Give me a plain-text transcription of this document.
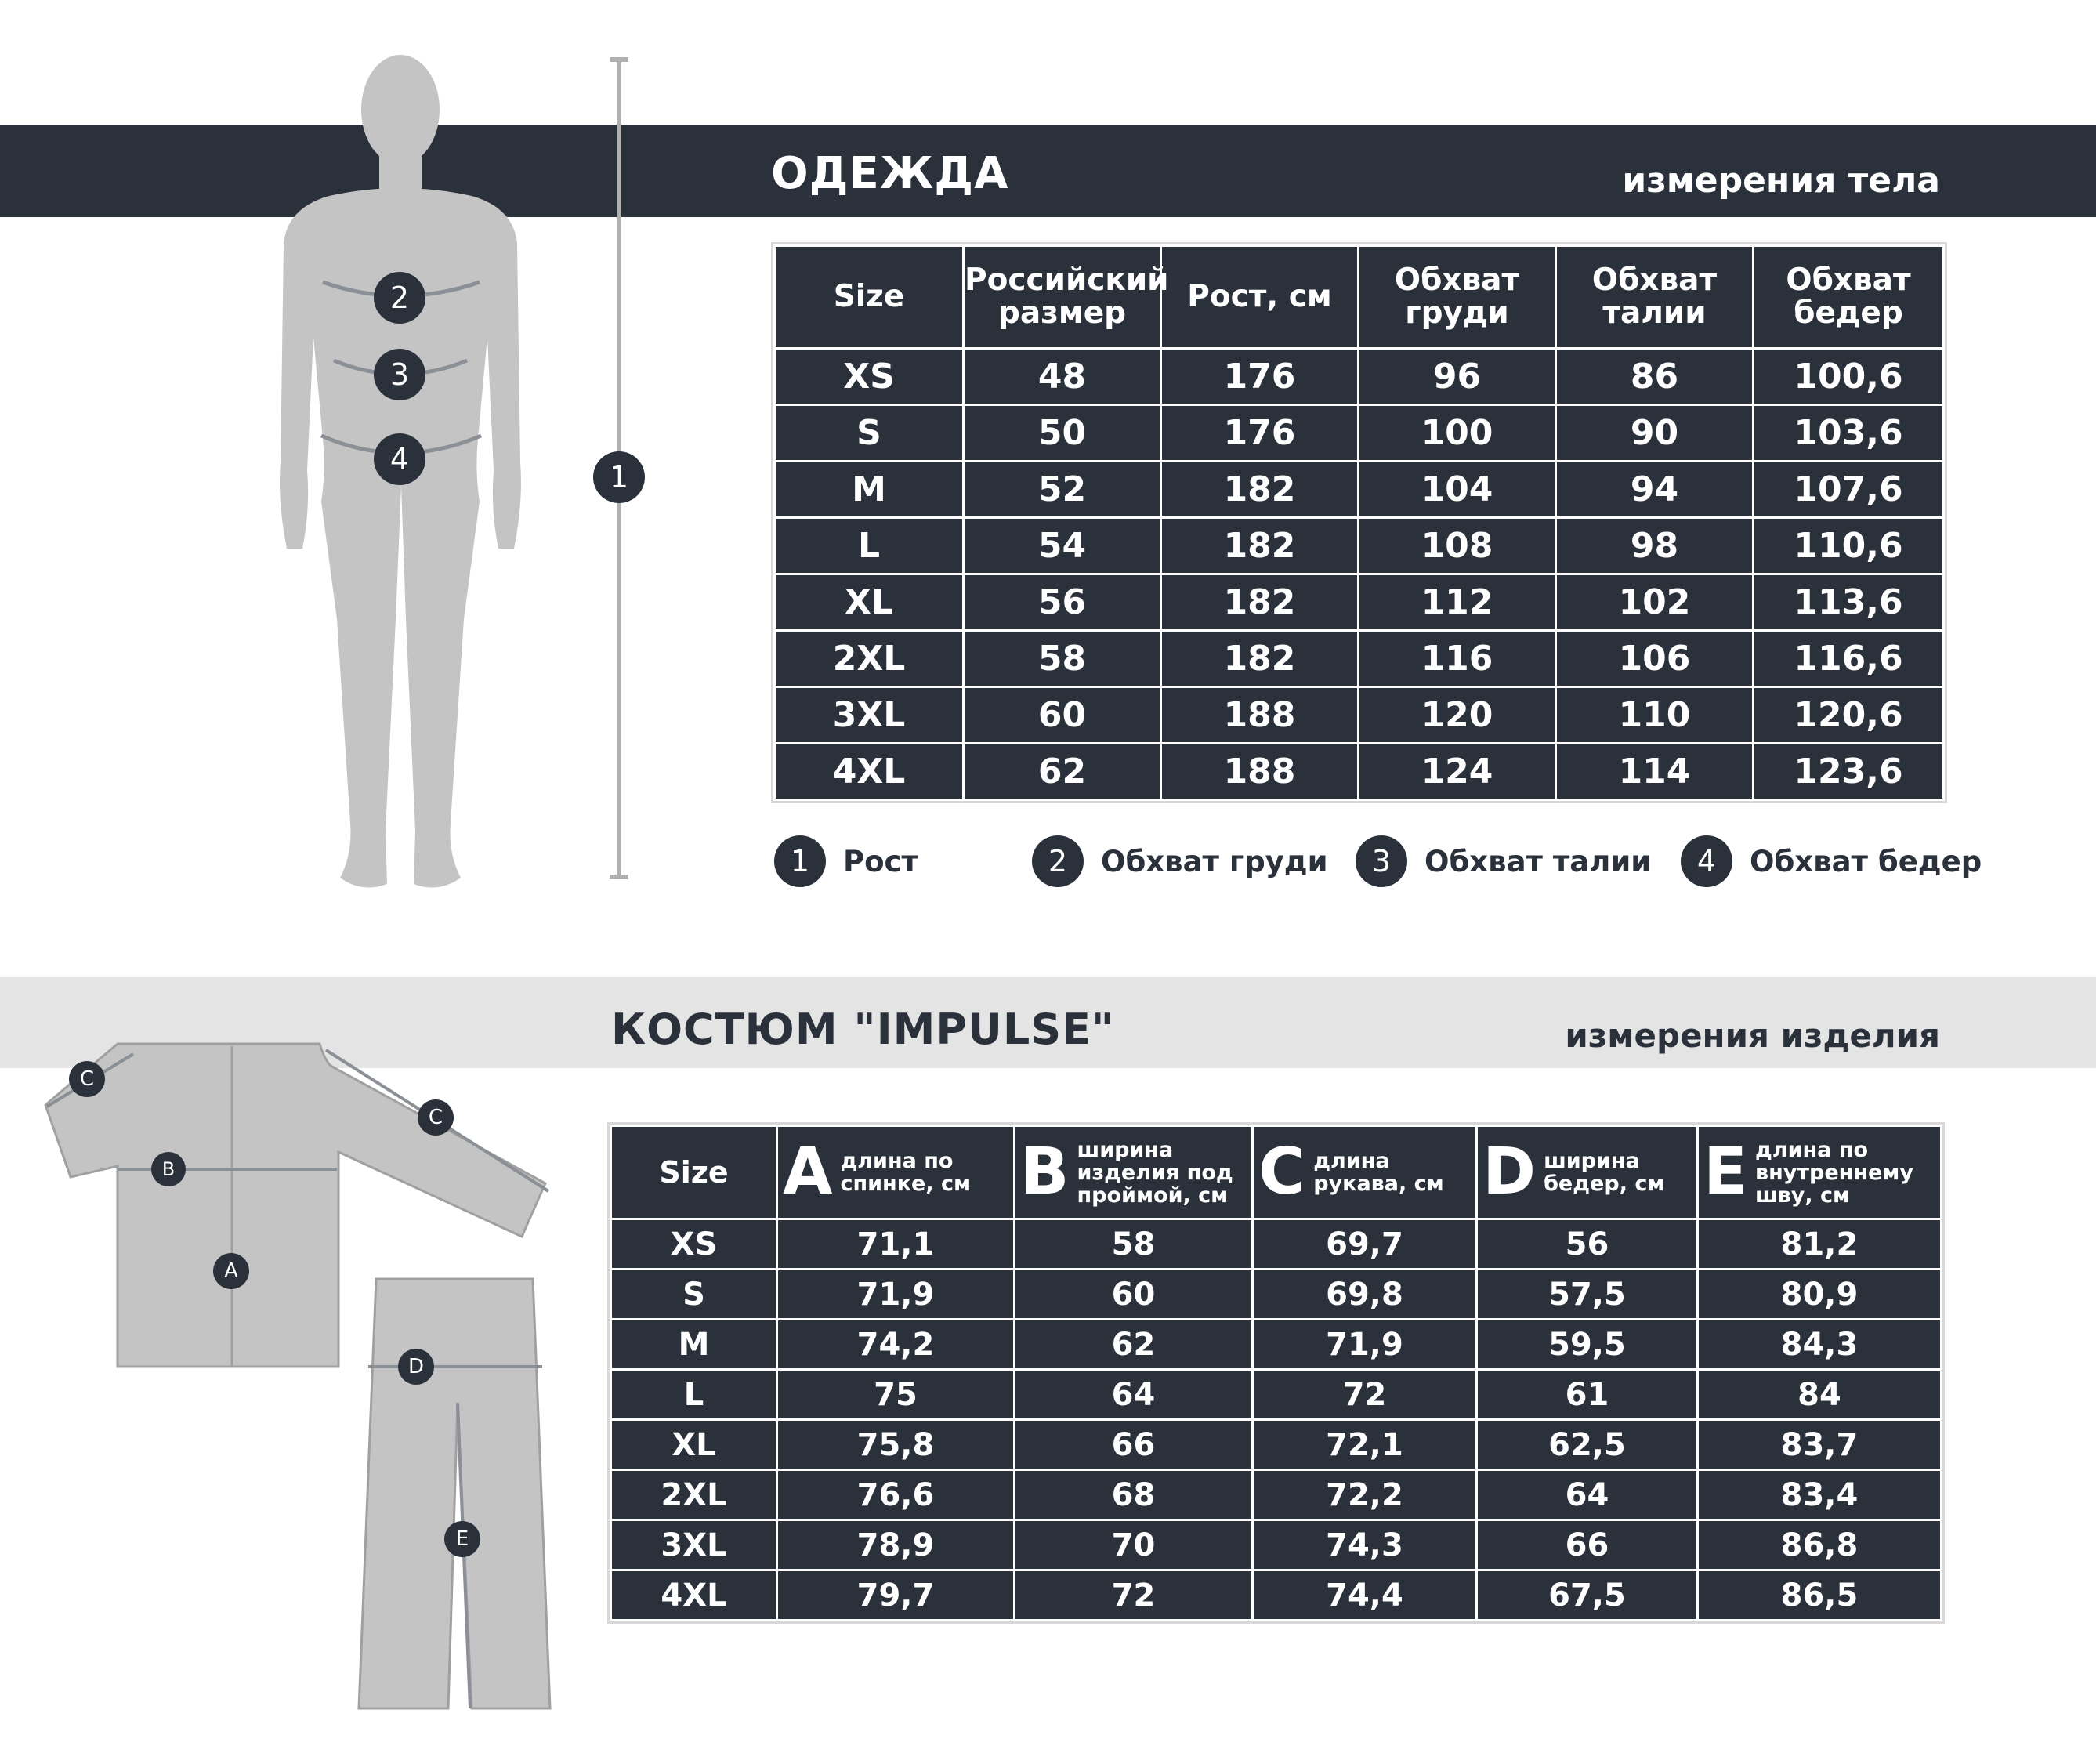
2
3
4
1
C
C
B
A
D
E
ОДЕЖДА	измерения тела
Size	Российский размер	Рост, см	Обхват груди	Обхват талии	Обхват бедер
XS	48	176	96	86	100,6
S	50	176	100	90	103,6
M	52	182	104	94	107,6
L	54	182	108	98	110,6
XL	56	182	112	102	113,6
2XL	58	182	116	106	116,6
3XL	60	188	120	110	120,6
4XL	62	188	124	114	123,6
1	Рост	2	Обхват груди	3	Обхват талии	4	Обхват бедер
КОСТЮМ "IMPULSE"	измерения изделия
Size	A длина по спинке, см	B ширина изделия под проймой, см	C длина рукава, см	D ширина бедер, см	E длина по внутреннему шву, см

XS	71,1	58	69,7	56	81,2
S	71,9	60	69,8	57,5	80,9
M	74,2	62	71,9	59,5	84,3
L	75	64	72	61	84
XL	75,8	66	72,1	62,5	83,7
2XL	76,6	68	72,2	64	83,4
3XL	78,9	70	74,3	66	86,8
4XL	79,7	72	74,4	67,5	86,5
